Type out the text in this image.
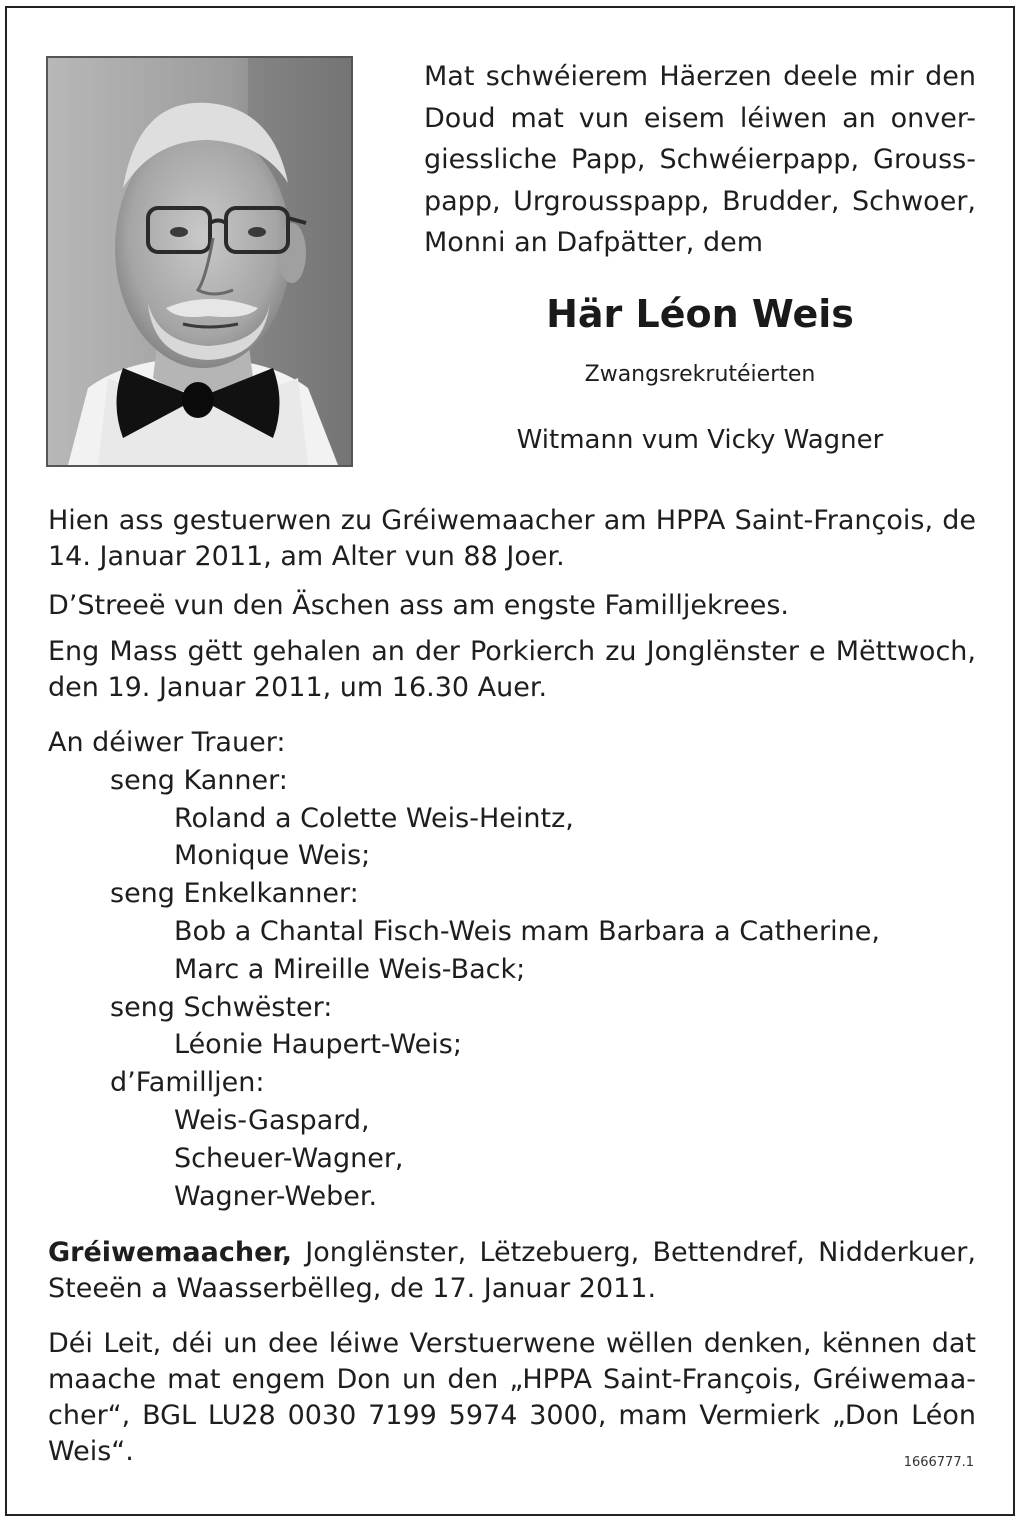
Mat schwéierem Häerzen deele mir den
Doud mat vun eisem léiwen an onver-
giessliche Papp, Schwéierpapp, Grouss-
papp, Urgrousspapp, Brudder, Schwoer,
Monni an Dafpätter, dem
Här Léon Weis
Zwangsrekrutéierten
Witmann vum Vicky Wagner
Hien ass gestuerwen zu Gréiwemaacher am HPPA Saint-François, de
14. Januar 2011, am Alter vun 88 Joer.
D’Streeë vun den Äschen ass am engste Familljekrees.
Eng Mass gëtt gehalen an der Porkierch zu Jonglënster e Mëttwoch,
den 19. Januar 2011, um 16.30 Auer.
An déiwer Trauer:
seng Kanner:
Roland a Colette Weis-Heintz,
Monique Weis;
seng Enkelkanner:
Bob a Chantal Fisch-Weis mam Barbara a Catherine,
Marc a Mireille Weis-Back;
seng Schwëster:
Léonie Haupert-Weis;
d’Familljen:
Weis-Gaspard,
Scheuer-Wagner,
Wagner-Weber.
Gréiwemaacher, Jonglënster, Lëtzebuerg, Bettendref, Nidderkuer,
Steeën a Waasserbëlleg, de 17. Januar 2011.
Déi Leit, déi un dee léiwe Verstuerwene wëllen denken, kënnen dat
maache mat engem Don un den „HPPA Saint-François, Gréiwemaa-
cher“, BGL LU28 0030 7199 5974 3000, mam Vermierk „Don Léon
Weis“.	1666777.1
